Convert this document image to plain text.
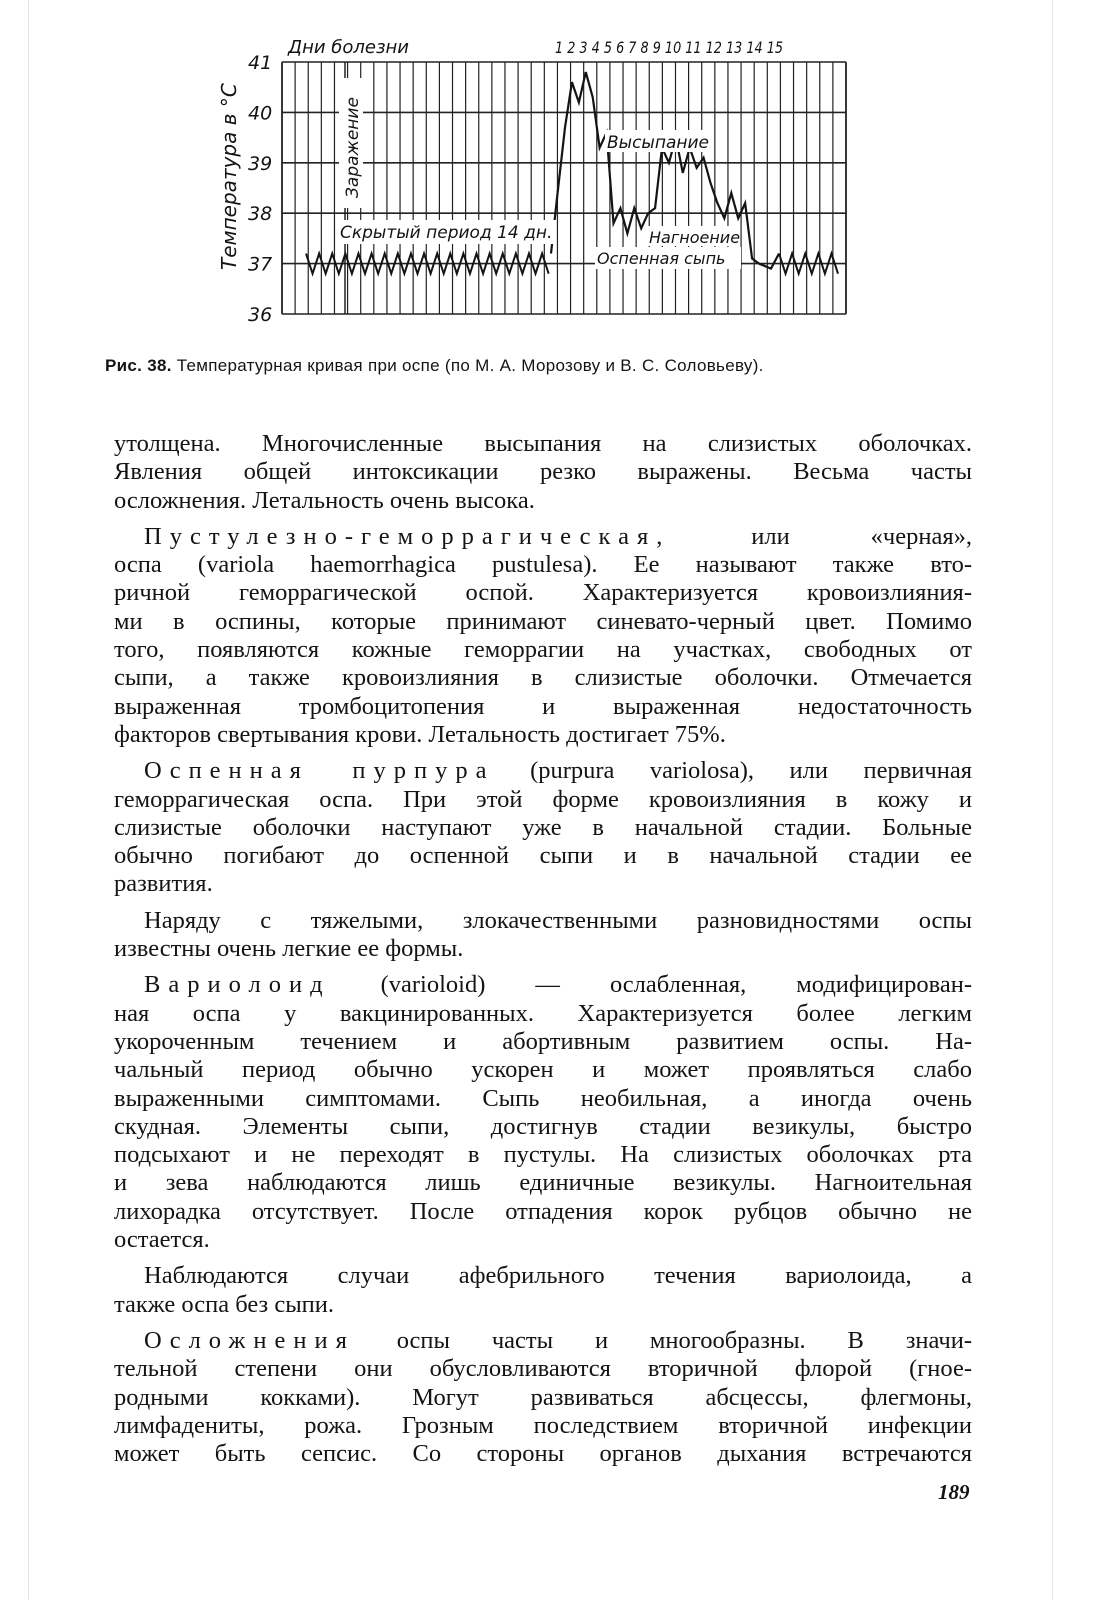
41
40
39
38
37
36
Температура в °С
Дни болезни	1 2 3 4 5 6 7 8 9 10 11 12 13 14 15
Заражение
Скрытый период 14 дн.
Высыпание
Нагноение
Оспенная сыпь
Рис. 38. Температурная кривая при оспе (по М. А. Морозову и В. С. Соловьеву).

утолщена. Многочисленные высыпания на слизистых оболочках.

Явления общей интоксикации резко выражены. Весьма часты

осложнения. Летальность очень высока.

Пустулезно-геморрагическая, или «черная»,

оспа (variola haemorrhagica pustulesa). Ее называют также вто-

ричной геморрагической оспой. Характеризуется кровоизлияния-

ми в оспины, которые принимают синевато-черный цвет. Помимо

того, появляются кожные геморрагии на участках, свободных от

сыпи, а также кровоизлияния в слизистые оболочки. Отмечается

выраженная тромбоцитопения и выраженная недостаточность

факторов свертывания крови. Летальность достигает 75%.

Оспенная пурпура (purpura variolosa), или первичная

геморрагическая оспа. При этой форме кровоизлияния в кожу и

слизистые оболочки наступают уже в начальной стадии. Больные

обычно погибают до оспенной сыпи и в начальной стадии ее

развития.

Наряду с тяжелыми, злокачественными разновидностями оспы

известны очень легкие ее формы.

Вариолоид (varioloid) — ослабленная, модифицирован-

ная оспа у вакцинированных. Характеризуется более легким

укороченным течением и абортивным развитием оспы. На-

чальный период обычно ускорен и может проявляться слабо

выраженными симптомами. Сыпь необильная, а иногда очень

скудная. Элементы сыпи, достигнув стадии везикулы, быстро

подсыхают и не переходят в пустулы. На слизистых оболочках рта

и зева наблюдаются лишь единичные везикулы. Нагноительная

лихорадка отсутствует. После отпадения корок рубцов обычно не

остается.

Наблюдаются случаи афебрильного течения вариолоида, а

также оспа без сыпи.

Осложнения оспы часты и многообразны. В значи-

тельной степени они обусловливаются вторичной флорой (гное-

родными кокками). Могут развиваться абсцессы, флегмоны,

лимфадениты, рожа. Грозным последствием вторичной инфекции

может быть сепсис. Со стороны органов дыхания встречаются

189
